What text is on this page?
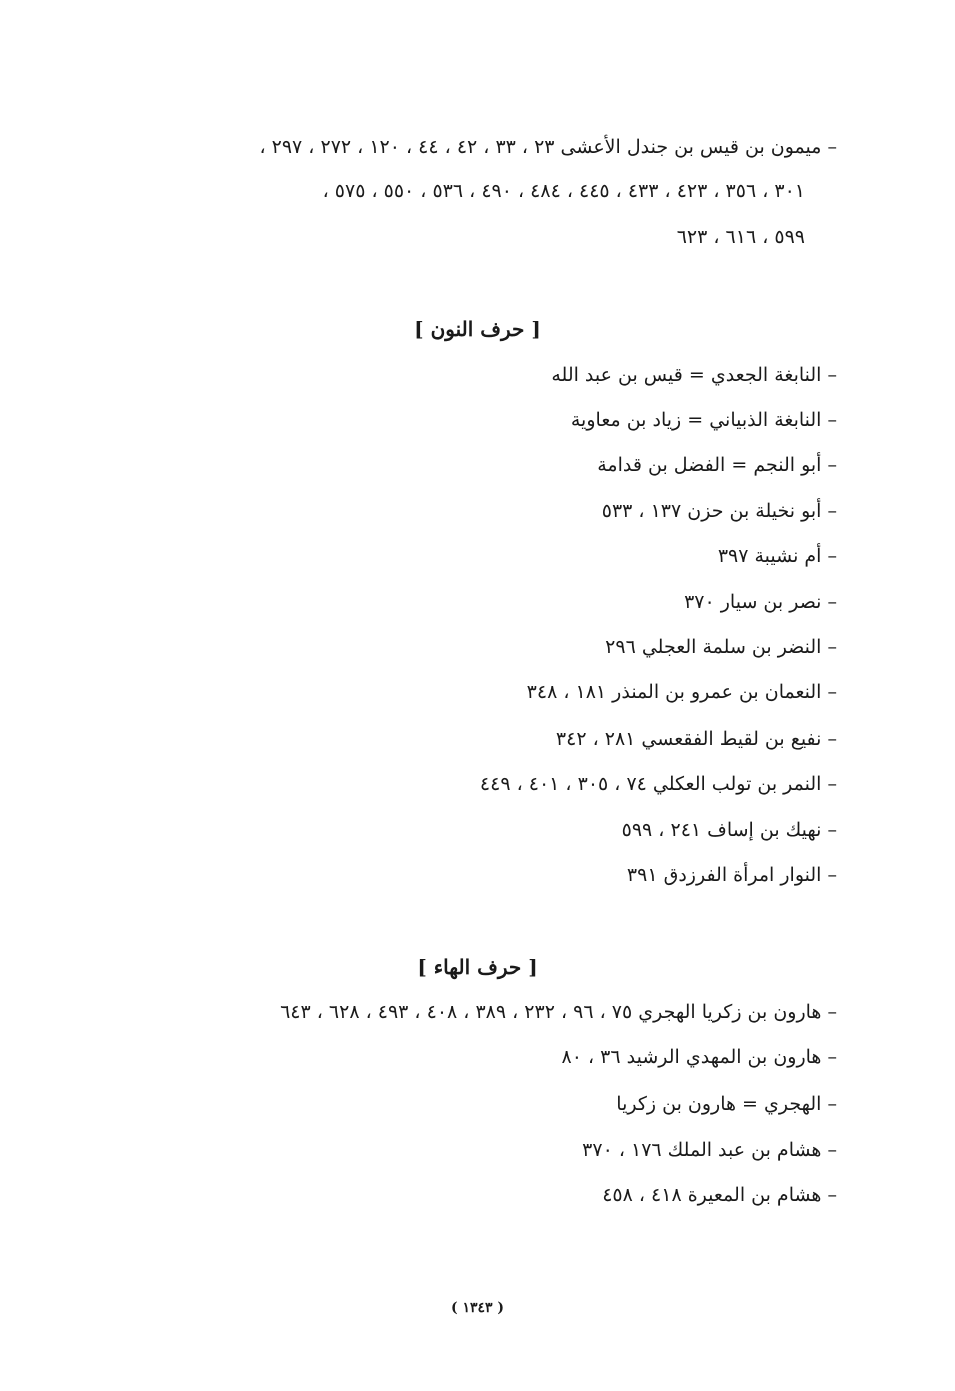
– ميمون بن قيس بن جندل الأعشى ٢٣ ، ٣٣ ، ٤٢ ، ٤٤ ، ١٢٠ ، ٢٧٢ ، ٢٩٧ ،
٣٠١ ، ٣٥٦ ، ٤٢٣ ، ٤٣٣ ، ٤٤٥ ، ٤٨٤ ، ٤٩٠ ، ٥٣٦ ، ٥٥٠ ، ٥٧٥ ،
٥٩٩ ، ٦١٦ ، ٦٢٣
[ حرف النون ]
– النابغة الجعدي = قيس بن عبد الله
– النابغة الذبياني = زياد بن معاوية
– أبو النجم = الفضل بن قدامة
– أبو نخيلة بن حزن ١٣٧ ، ٥٣٣
– أم نشيبة ٣٩٧
– نصر بن سيار ٣٧٠
– النضر بن سلمة العجلي ٢٩٦
– النعمان بن عمرو بن المنذر ١٨١ ، ٣٤٨
– نفيع بن لقيط الفقعسي ٢٨١ ، ٣٤٢
– النمر بن تولب العكلي ٧٤ ، ٣٠٥ ، ٤٠١ ، ٤٤٩
– نهيك بن إساف ٢٤١ ، ٥٩٩
– النوار امرأة الفرزدق ٣٩١
[ حرف الهاء ]
– هارون بن زكريا الهجري ٧٥ ، ٩٦ ، ٢٣٢ ، ٣٨٩ ، ٤٠٨ ، ٤٩٣ ، ٦٢٨ ، ٦٤٣
– هارون بن المهدي الرشيد ٣٦ ، ٨٠
– الهجري = هارون بن زكريا
– هشام بن عبد الملك ١٧٦ ، ٣٧٠
– هشام بن المعيرة ٤١٨ ، ٤٥٨
( ١٣٤٣ )
